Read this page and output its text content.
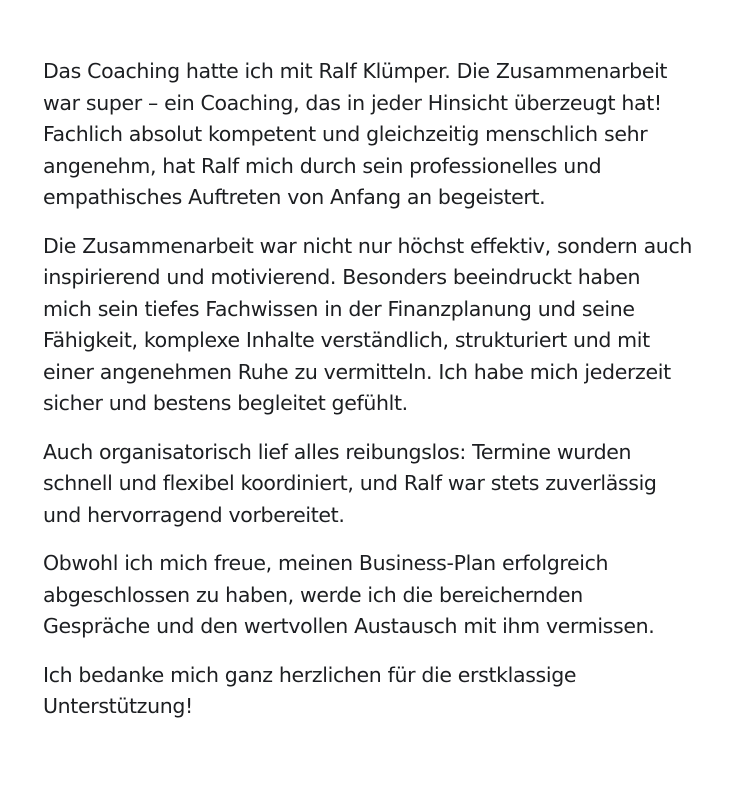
Das Coaching hatte ich mit Ralf Klümper. Die Zusammenarbeit
war super – ein Coaching, das in jeder Hinsicht überzeugt hat!
Fachlich absolut kompetent und gleichzeitig menschlich sehr
angenehm, hat Ralf mich durch sein professionelles und
empathisches Auftreten von Anfang an begeistert.

Die Zusammenarbeit war nicht nur höchst effektiv, sondern auch
inspirierend und motivierend. Besonders beeindruckt haben
mich sein tiefes Fachwissen in der Finanzplanung und seine
Fähigkeit, komplexe Inhalte verständlich, strukturiert und mit
einer angenehmen Ruhe zu vermitteln. Ich habe mich jederzeit
sicher und bestens begleitet gefühlt.

Auch organisatorisch lief alles reibungslos: Termine wurden
schnell und flexibel koordiniert, und Ralf war stets zuverlässig
und hervorragend vorbereitet.

Obwohl ich mich freue, meinen Business-Plan erfolgreich
abgeschlossen zu haben, werde ich die bereichernden
Gespräche und den wertvollen Austausch mit ihm vermissen.

Ich bedanke mich ganz herzlichen für die erstklassige
Unterstützung!
